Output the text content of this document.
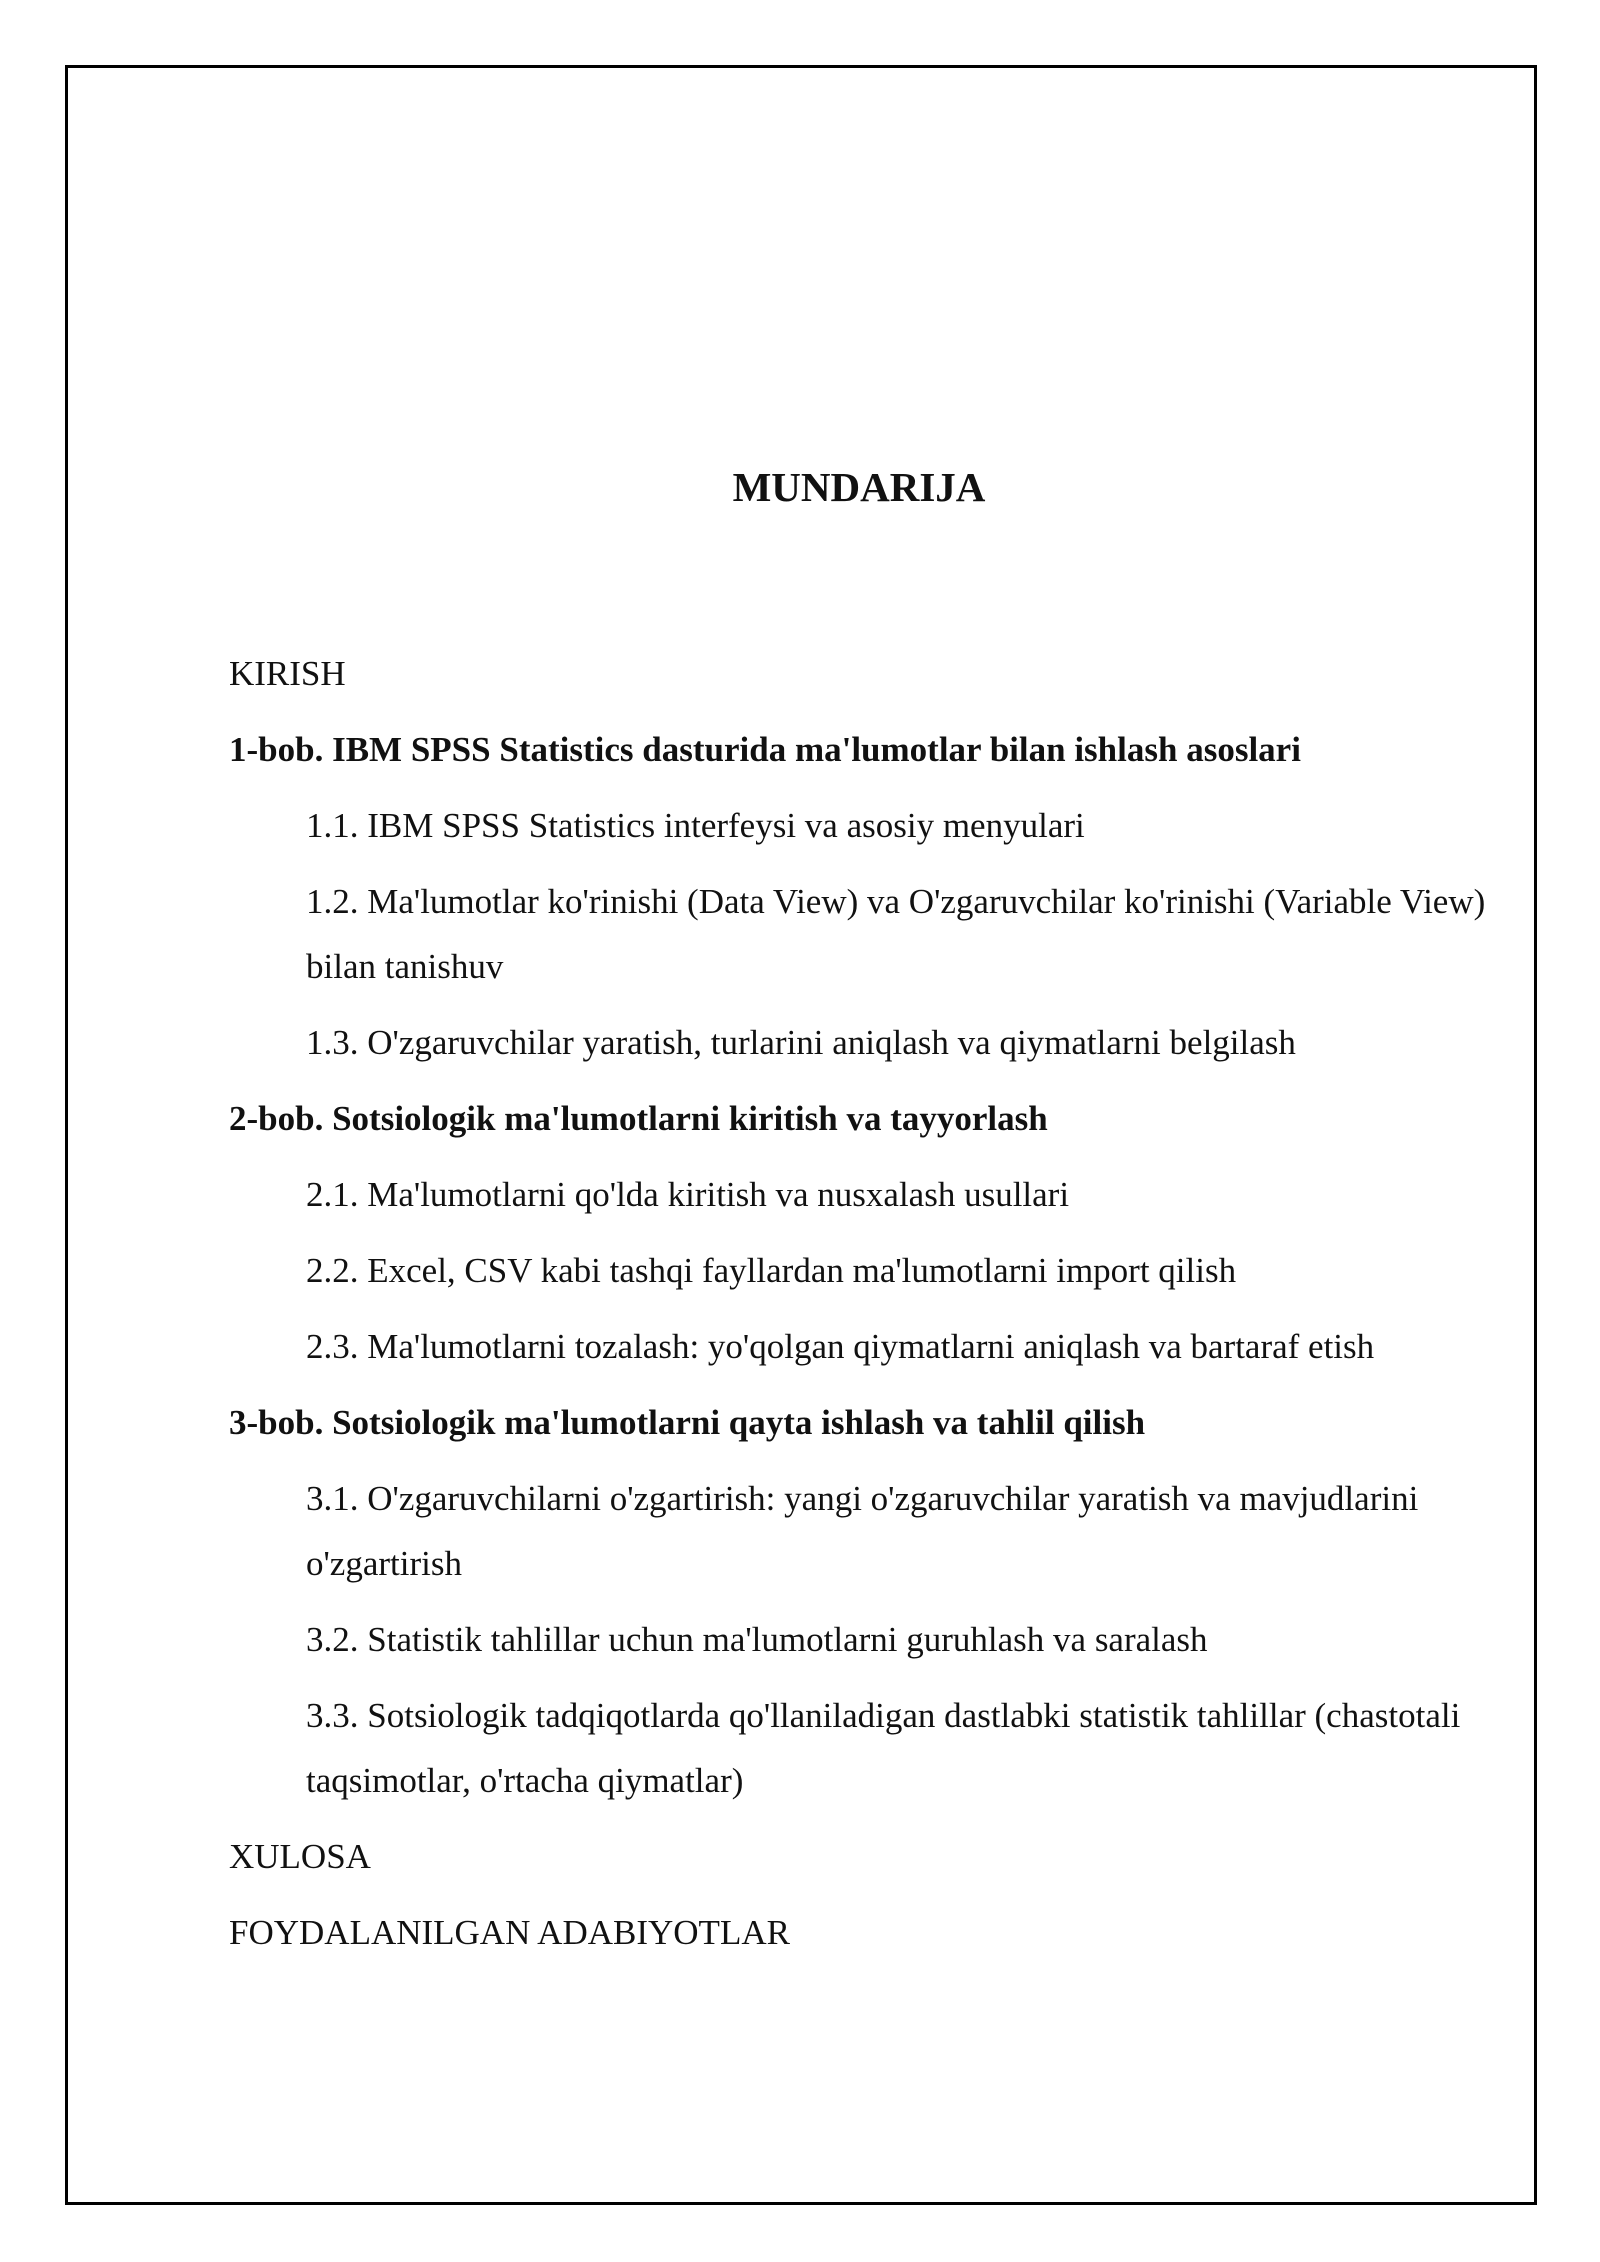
MUNDARIJA
KIRISH
1-bob. IBM SPSS Statistics dasturida ma'lumotlar bilan ishlash asoslari
1.1. IBM SPSS Statistics interfeysi va asosiy menyulari
1.2. Ma'lumotlar ko'rinishi (Data View) va O'zgaruvchilar ko'rinishi (Variable View) bilan tanishuv
1.3. O'zgaruvchilar yaratish, turlarini aniqlash va qiymatlarni belgilash
2-bob. Sotsiologik ma'lumotlarni kiritish va tayyorlash
2.1. Ma'lumotlarni qo'lda kiritish va nusxalash usullari
2.2. Excel, CSV kabi tashqi fayllardan ma'lumotlarni import qilish
2.3. Ma'lumotlarni tozalash: yo'qolgan qiymatlarni aniqlash va bartaraf etish
3-bob. Sotsiologik ma'lumotlarni qayta ishlash va tahlil qilish
3.1. O'zgaruvchilarni o'zgartirish: yangi o'zgaruvchilar yaratish va mavjudlarini o'zgartirish
3.2. Statistik tahlillar uchun ma'lumotlarni guruhlash va saralash
3.3. Sotsiologik tadqiqotlarda qo'llaniladigan dastlabki statistik tahlillar (chastotali taqsimotlar, o'rtacha qiymatlar)
XULOSA
FOYDALANILGAN ADABIYOTLAR
